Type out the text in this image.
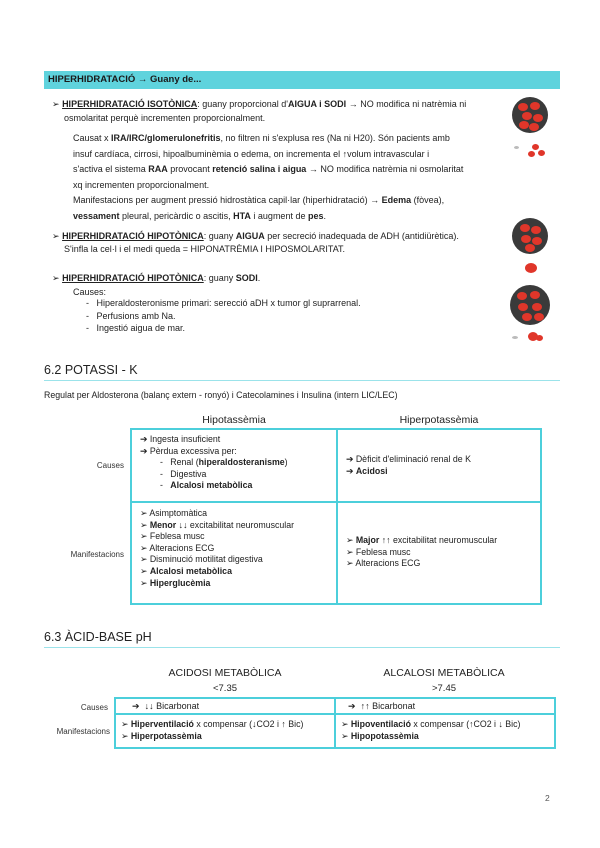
HIPERHIDRATACIÓ → Guany de...
➢ HIPERHIDRATACIÓ ISOTÒNICA: guany proporcional d'AIGUA i SODI → NO modifica ni natrèmia ni
osmolaritat perquè incrementen proporcionalment.
Causat x IRA/IRC/glomerulonefritis, no filtren ni s'explusa res (Na ni H20). Són pacients amb
insuf cardíaca, cirrosi, hipoalbuminèmia o edema, on incrementa el ↑volum intravascular i
s'activa el sistema RAA provocant retenció salina i aigua → NO modifica natrèmia ni osmolaritat
xq incrementen proporcionalment.
Manifestacions per augment pressió hidrostàtica capil·lar (hiperhidratació) → Edema (fòvea),
vessament pleural, pericàrdic o ascitis, HTA i augment de pes.
➢ HIPERHIDRATACIÓ HIPOTÒNICA: guany AIGUA per secreció inadequada de ADH (antidiürètica).
S'infla la cel·l i el medi queda = HIPONATRÈMIA I HIPOSMOLARITAT.
➢ HIPERHIDRATACIÓ HIPOTÒNICA: guany SODI.
Causes:
-   Hiperaldosteronisme primari: serecció aDH x tumor gl suprarrenal.
-   Perfusions amb Na.
-   Ingestió aigua de mar.
6.2 POTASSI - K
Regulat per Aldosterona (balanç extern - ronyó) i Catecolamines i Insulina (intern LIC/LEC)
Hipotassèmia	Hiperpotassèmia
Causes
Manifestacions
➔ Ingesta insuficient
➔ Pèrdua excessiva per:
-   Renal (hiperaldosteranisme)
-   Digestiva
-   Alcalosi metabòlica
➔ Dèficit d'eliminació renal de K
➔ Acidosi
➢ Asimptomàtica
➢ Menor ↓↓ excitabilitat neuromuscular
➢ Feblesa musc
➢ Alteracions ECG
➢ Disminució motilitat digestiva
➢ Alcalosi metabòlica
➢ Hiperglucèmia
➢ Major ↑↑ excitabilitat neuromuscular
➢ Feblesa musc
➢ Alteracions ECG
6.3 ÀCID-BASE pH
ACIDOSI METABÒLICA
<7.35
ALCALOSI METABÒLICA
>7.45
Causes
Manifestacions
➔ ↓↓ Bicarbonat	➔ ↑↑ Bicarbonat
➢ Hiperventilació x compensar (↓CO2 i ↑ Bic)
➢ Hiperpotassèmia
➢ Hipoventilació x compensar (↑CO2 i ↓ Bic)
➢ Hipopotassèmia
2
